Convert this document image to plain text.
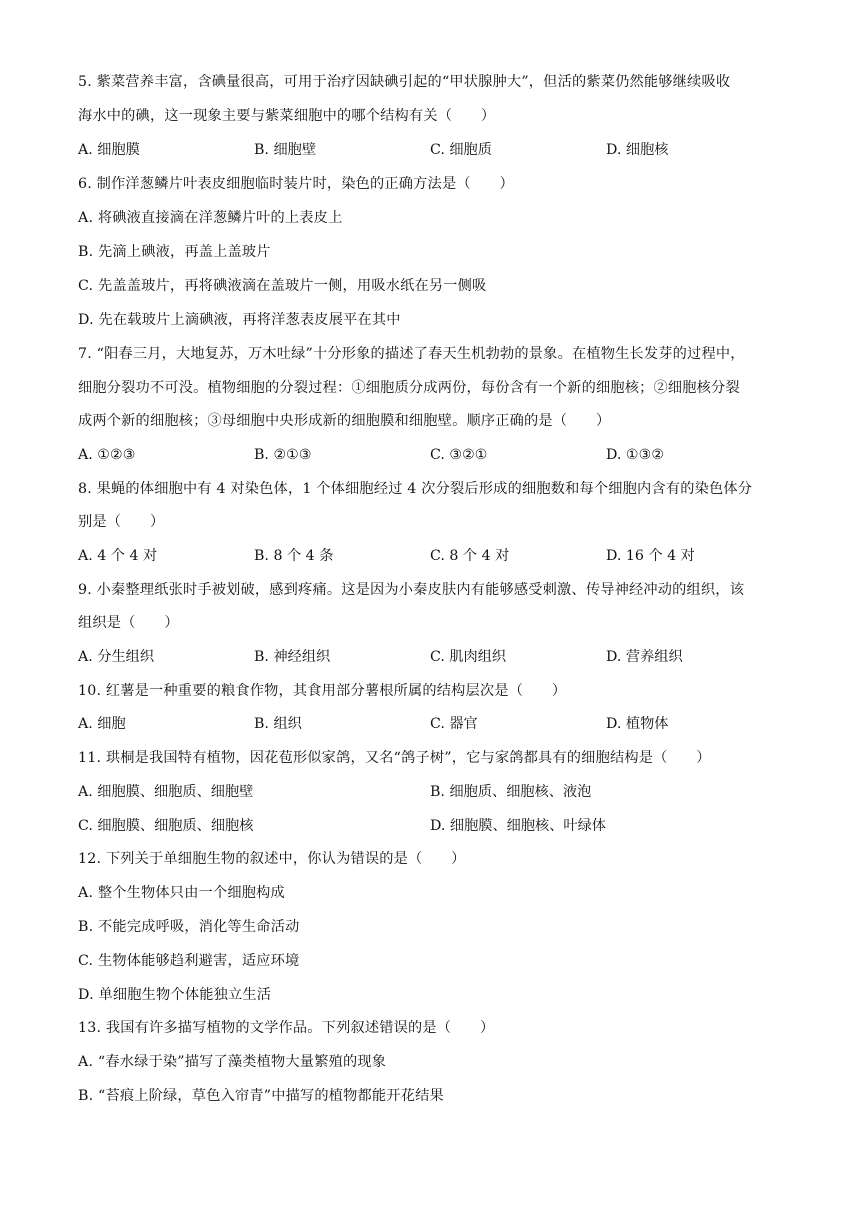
5. 紫菜营养丰富，含碘量很高，可用于治疗因缺碘引起的“甲状腺肿大”，但活的紫菜仍然能够继续吸收
海水中的碘，这一现象主要与紫菜细胞中的哪个结构有关（　　）
A. 细胞膜	B. 细胞壁	C. 细胞质	D. 细胞核
6. 制作洋葱鳞片叶表皮细胞临时装片时，染色的正确方法是（　　）
A. 将碘液直接滴在洋葱鳞片叶的上表皮上
B. 先滴上碘液，再盖上盖玻片
C. 先盖盖玻片，再将碘液滴在盖玻片一侧，用吸水纸在另一侧吸
D. 先在载玻片上滴碘液，再将洋葱表皮展平在其中
7. “阳春三月，大地复苏，万木吐绿”十分形象的描述了春天生机勃勃的景象。在植物生长发芽的过程中，
细胞分裂功不可没。植物细胞的分裂过程：①细胞质分成两份，每份含有一个新的细胞核；②细胞核分裂
成两个新的细胞核；③母细胞中央形成新的细胞膜和细胞壁。顺序正确的是（　　）
A. ①②③	B. ②①③	C. ③②①	D. ①③②
8. 果蝇的体细胞中有 4 对染色体，1 个体细胞经过 4 次分裂后形成的细胞数和每个细胞内含有的染色体分
别是（　　）
A. 4 个 4 对	B. 8 个 4 条	C. 8 个 4 对	D. 16 个 4 对
9. 小秦整理纸张时手被划破，感到疼痛。这是因为小秦皮肤内有能够感受刺激、传导神经冲动的组织，该
组织是（　　）
A. 分生组织	B. 神经组织	C. 肌肉组织	D. 营养组织
10. 红薯是一种重要的粮食作物，其食用部分薯根所属的结构层次是（　　）
A. 细胞	B. 组织	C. 器官	D. 植物体
11. 珙桐是我国特有植物，因花苞形似家鸽，又名“鸽子树”，它与家鸽都具有的细胞结构是（　　）
A. 细胞膜、细胞质、细胞壁	B. 细胞质、细胞核、液泡
C. 细胞膜、细胞质、细胞核	D. 细胞膜、细胞核、叶绿体
12. 下列关于单细胞生物的叙述中，你认为错误的是（　　）
A. 整个生物体只由一个细胞构成
B. 不能完成呼吸，消化等生命活动
C. 生物体能够趋利避害，适应环境
D. 单细胞生物个体能独立生活
13. 我国有许多描写植物的文学作品。下列叙述错误的是（　　）
A. “春水绿于染”描写了藻类植物大量繁殖的现象
B. “苔痕上阶绿，草色入帘青”中描写的植物都能开花结果
